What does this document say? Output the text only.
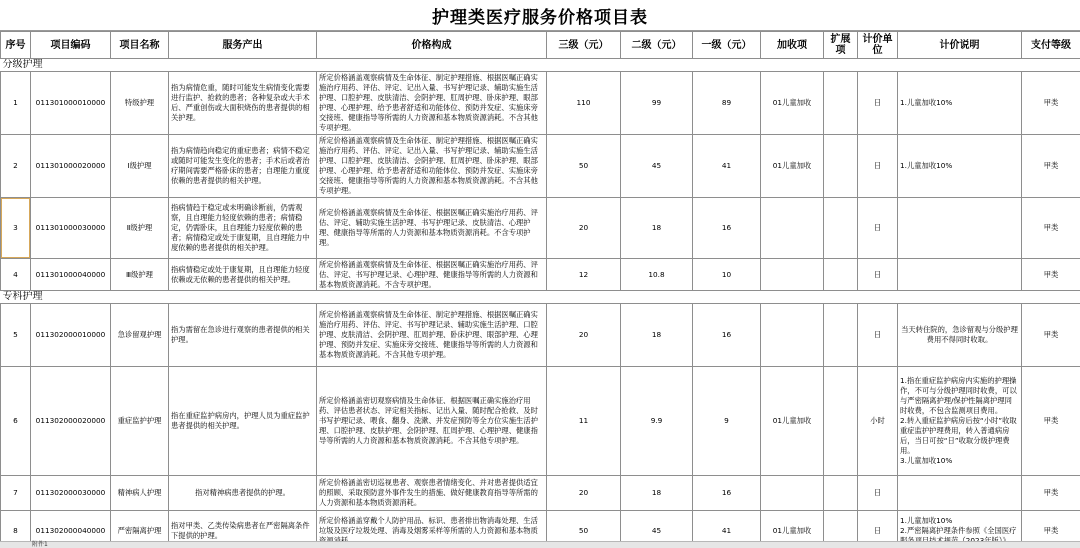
护理类医疗服务价格项目表
序号	项目编码	项目名称	服务产出	价格构成	三级（元）	二级（元）	一级（元）	加收项	扩展项	计价单位	计价说明	支付等级
分级护理												
1	011301000010000	特级护理	指为病情危重，随时可能发生病情变化需要进行监护、抢救的患者；各种复杂或大手术后、严重创伤或大面积烧伤的患者提供的相关护理。	所定价格涵盖观察病情及生命体征、制定护理措施、根据医嘱正确实施治疗用药、评估、评定、记出入量、书写护理记录、辅助实施生活护理、口腔护理、皮肤清洁、会阴护理、肛周护理、卧床护理、眼部护理、心理护理、给予患者舒适和功能体位、预防并发症、实施床旁交接班、健康指导等所需的人力资源和基本物质资源消耗。不含其他专项护理。	110	99	89	01儿童加收		日	1.儿童加收10%	甲类
2	011301000020000	Ⅰ级护理	指为病情趋向稳定的重症患者；病情不稳定或随时可能发生变化的患者；手术后或者治疗期间需要严格卧床的患者；自理能力重度依赖的患者提供的相关护理。	所定价格涵盖观察病情及生命体征、制定护理措施、根据医嘱正确实施治疗用药、评估、评定、记出入量、书写护理记录、辅助实施生活护理、口腔护理、皮肤清洁、会阴护理、肛周护理、卧床护理、眼部护理、心理护理、给予患者舒适和功能体位、预防并发症、实施床旁交接班、健康指导等所需的人力资源和基本物质资源消耗。不含其他专项护理。	50	45	41	01儿童加收		日	1.儿童加收10%	甲类
3	011301000030000	Ⅱ级护理	指病情趋于稳定或未明确诊断前，仍需观察，且自理能力轻度依赖的患者；病情稳定，仍需卧床，且自理能力轻度依赖的患者；病情稳定或处于康复期，且自理能力中度依赖的患者提供的相关护理。	所定价格涵盖观察病情及生命体征、根据医嘱正确实施治疗用药、评估、评定、辅助实施生活护理、书写护理记录、皮肤清洁、心理护理、健康指导等所需的人力资源和基本物质资源消耗。不含专项护理。	20	18	16			日		甲类
4	011301000040000	Ⅲ级护理	指病情稳定或处于康复期，且自理能力轻度依赖或无依赖的患者提供的相关护理。	所定价格涵盖观察病情及生命体征、根据医嘱正确实施治疗用药、评估、评定、书写护理记录、心理护理、健康指导等所需的人力资源和基本物质资源消耗。不含专项护理。	12	10.8	10			日		甲类
专科护理												
5	011302000010000	急诊留观护理	指为需留在急诊进行观察的患者提供的相关护理。	所定价格涵盖观察病情及生命体征、制定护理措施、根据医嘱正确实施治疗用药、评估、评定、书写护理记录、辅助实施生活护理、口腔护理、皮肤清洁、会阴护理、肛周护理、卧床护理、眼部护理、心理护理、预防并发症、实施床旁交接班、健康指导等所需的人力资源和基本物质资源消耗。不含其他专项护理。	20	18	16			日	当天转住院的，急诊留观与分级护理费用不得同时收取。	甲类
6	011302000020000	重症监护护理	指在重症监护病房内，护理人员为重症监护患者提供的相关护理。	所定价格涵盖密切观察病情及生命体征、根据医嘱正确实施治疗用药、评估患者状态、评定相关指标、记出入量、随时配合抢救、及时书写护理记录、喂食、翻身、洗漱、并发症预防等全方位实施生活护理、口腔护理、皮肤护理、会阴护理、肛周护理、心理护理、健康指导等所需的人力资源和基本物质资源消耗。不含其他专项护理。	11	9.9	9	01儿童加收		小时	1.指在重症监护病房内实施的护理操作，不可与分级护理同时收费，可以与严密隔离护理/保护性隔离护理同时收费，不包含监测项目费用。
2.转入重症监护病房后按“小时”收取重症监护护理费用，转入普通病房后，当日可按“日”收取分级护理费用。
3.儿童加收10%	甲类
7	011302000030000	精神病人护理	指对精神病患者提供的护理。	所定价格涵盖密切巡视患者、观察患者情绪变化、并对患者提供适宜的照顾、采取预防意外事件发生的措施、做好健康教育指导等所需的人力资源和基本物质资源消耗。	20	18	16			日		甲类
8	011302000040000	严密隔离护理	指对甲类、乙类传染病患者在严密隔离条件下提供的护理。	所定价格涵盖穿戴个人防护用品、标识、患者排出物消毒处理、生活垃圾及医疗垃圾处理、消毒及烟雾采样等所需的人力资源和基本物质	50	45	41	01儿童加收		日	1.儿童加收10%
2.严密隔离护理条件参照《全国医疗	甲类
附件1
